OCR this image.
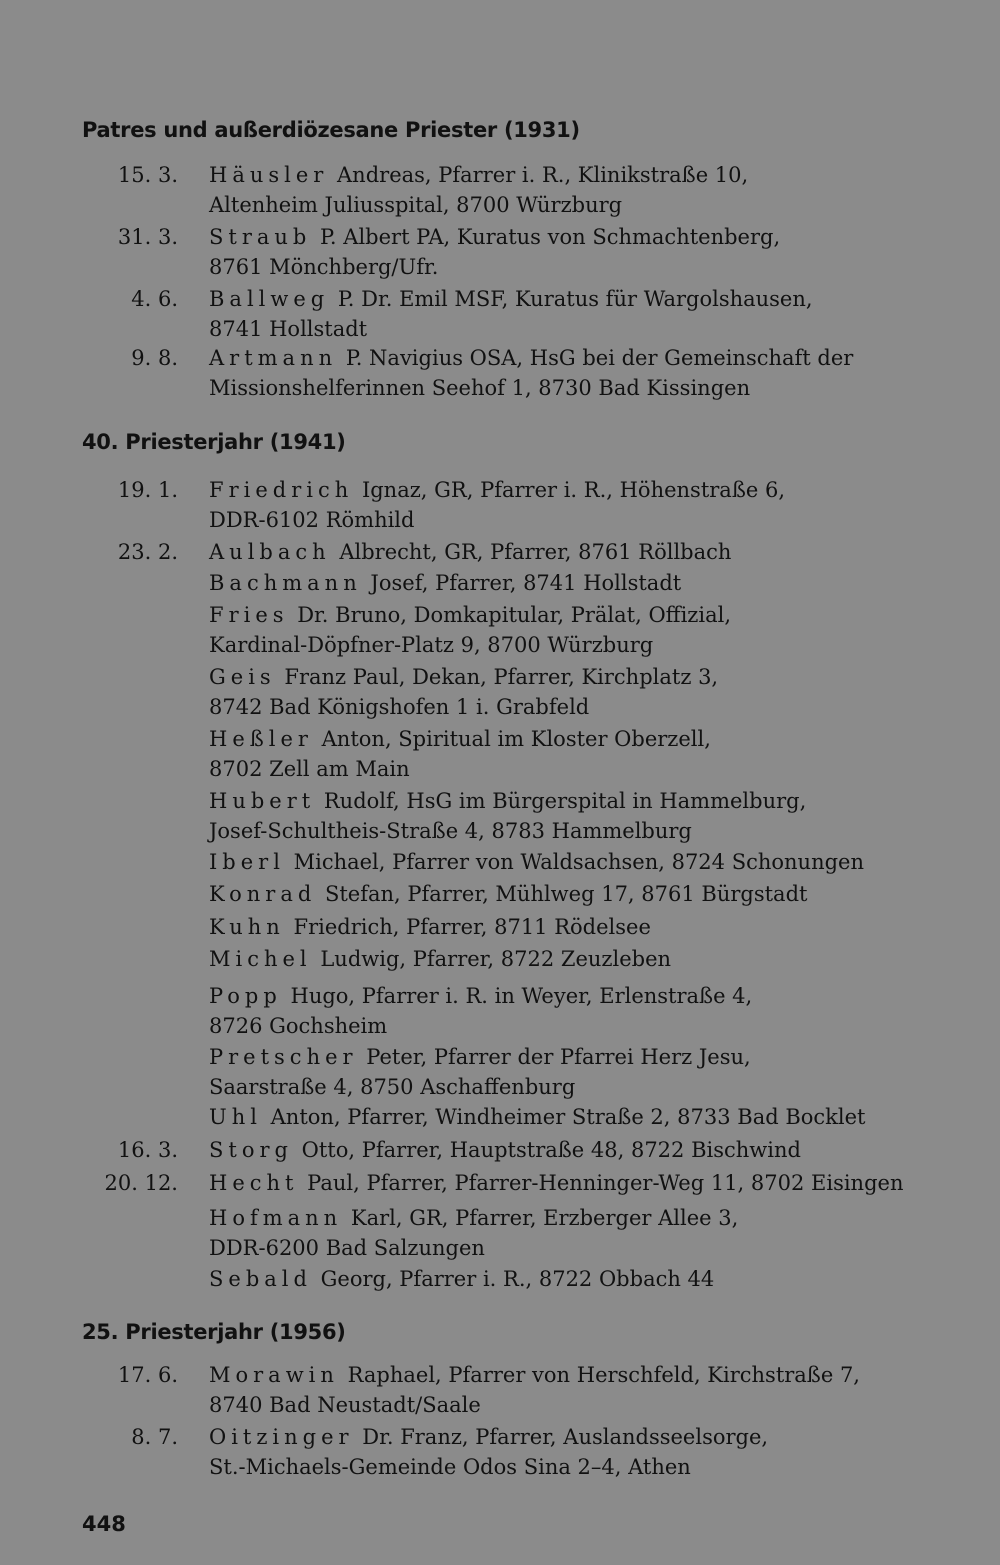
Patres und außerdiözesane Priester (1931)
15. 3. Häusler Andreas, Pfarrer i. R., Klinikstraße 10,
Altenheim Juliusspital, 8700 Würzburg
31. 3. Straub P. Albert PA, Kuratus von Schmachtenberg,
8761 Mönchberg/Ufr.
4. 6. Ballweg P. Dr. Emil MSF, Kuratus für Wargolshausen,
8741 Hollstadt
9. 8. Artmann P. Navigius OSA, HsG bei der Gemeinschaft der
Missionshelferinnen Seehof 1, 8730 Bad Kissingen
40. Priesterjahr (1941)
19. 1. Friedrich Ignaz, GR, Pfarrer i. R., Höhenstraße 6,
DDR-6102 Römhild
23. 2. Aulbach Albrecht, GR, Pfarrer, 8761 Röllbach
Bachmann Josef, Pfarrer, 8741 Hollstadt
Fries Dr. Bruno, Domkapitular, Prälat, Offizial,
Kardinal-Döpfner-Platz 9, 8700 Würzburg
Geis Franz Paul, Dekan, Pfarrer, Kirchplatz 3,
8742 Bad Königshofen 1 i. Grabfeld
Heßler Anton, Spiritual im Kloster Oberzell,
8702 Zell am Main
Hubert Rudolf, HsG im Bürgerspital in Hammelburg,
Josef-Schultheis-Straße 4, 8783 Hammelburg
Iberl Michael, Pfarrer von Waldsachsen, 8724 Schonungen
Konrad Stefan, Pfarrer, Mühlweg 17, 8761 Bürgstadt
Kuhn Friedrich, Pfarrer, 8711 Rödelsee
Michel Ludwig, Pfarrer, 8722 Zeuzleben
Popp Hugo, Pfarrer i. R. in Weyer, Erlenstraße 4,
8726 Gochsheim
Pretscher Peter, Pfarrer der Pfarrei Herz Jesu,
Saarstraße 4, 8750 Aschaffenburg
Uhl Anton, Pfarrer, Windheimer Straße 2, 8733 Bad Bocklet
16. 3. Storg Otto, Pfarrer, Hauptstraße 48, 8722 Bischwind
20. 12. Hecht Paul, Pfarrer, Pfarrer-Henninger-Weg 11, 8702 Eisingen
Hofmann Karl, GR, Pfarrer, Erzberger Allee 3,
DDR-6200 Bad Salzungen
Sebald Georg, Pfarrer i. R., 8722 Obbach 44
25. Priesterjahr (1956)
17. 6. Morawin Raphael, Pfarrer von Herschfeld, Kirchstraße 7,
8740 Bad Neustadt/Saale
8. 7. Oitzinger Dr. Franz, Pfarrer, Auslandsseelsorge,
St.-Michaels-Gemeinde Odos Sina 2–4, Athen
448
